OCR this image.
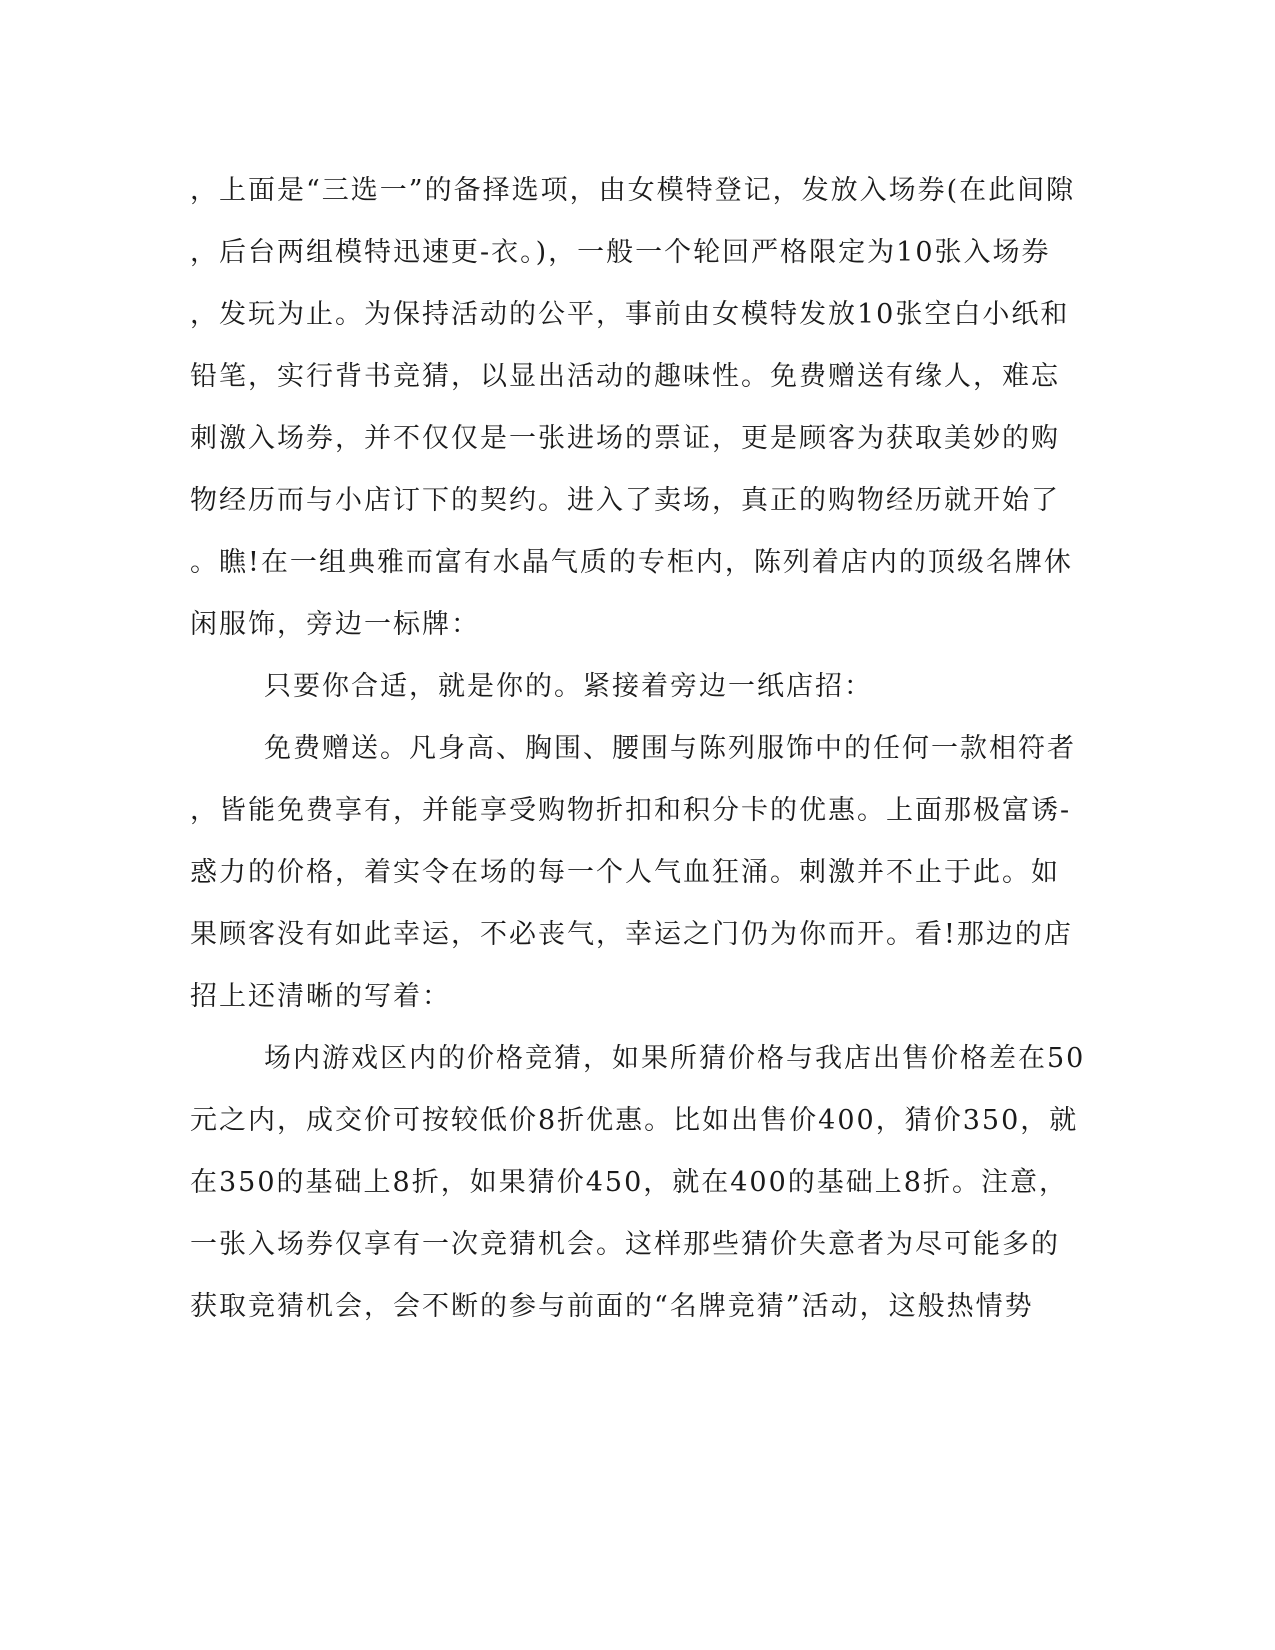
，上面是“三选一”的备择选项，由女模特登记，发放入场券(在此间隙
，后台两组模特迅速更-衣。)，一般一个轮回严格限定为10张入场券
，发玩为止。为保持活动的公平，事前由女模特发放10张空白小纸和
铅笔，实行背书竞猜，以显出活动的趣味性。免费赠送有缘人，难忘
刺激入场券，并不仅仅是一张进场的票证，更是顾客为获取美妙的购
物经历而与小店订下的契约。进入了卖场，真正的购物经历就开始了
。瞧!在一组典雅而富有水晶气质的专柜内，陈列着店内的顶级名牌休
闲服饰，旁边一标牌：
只要你合适，就是你的。紧接着旁边一纸店招：
免费赠送。凡身高、胸围、腰围与陈列服饰中的任何一款相符者
，皆能免费享有，并能享受购物折扣和积分卡的优惠。上面那极富诱-
惑力的价格，着实令在场的每一个人气血狂涌。刺激并不止于此。如
果顾客没有如此幸运，不必丧气，幸运之门仍为你而开。看!那边的店
招上还清晰的写着：
场内游戏区内的价格竞猜，如果所猜价格与我店出售价格差在50
元之内，成交价可按较低价8折优惠。比如出售价400，猜价350，就
在350的基础上8折，如果猜价450，就在400的基础上8折。注意，
一张入场券仅享有一次竞猜机会。这样那些猜价失意者为尽可能多的
获取竞猜机会，会不断的参与前面的“名牌竞猜”活动，这般热情势
